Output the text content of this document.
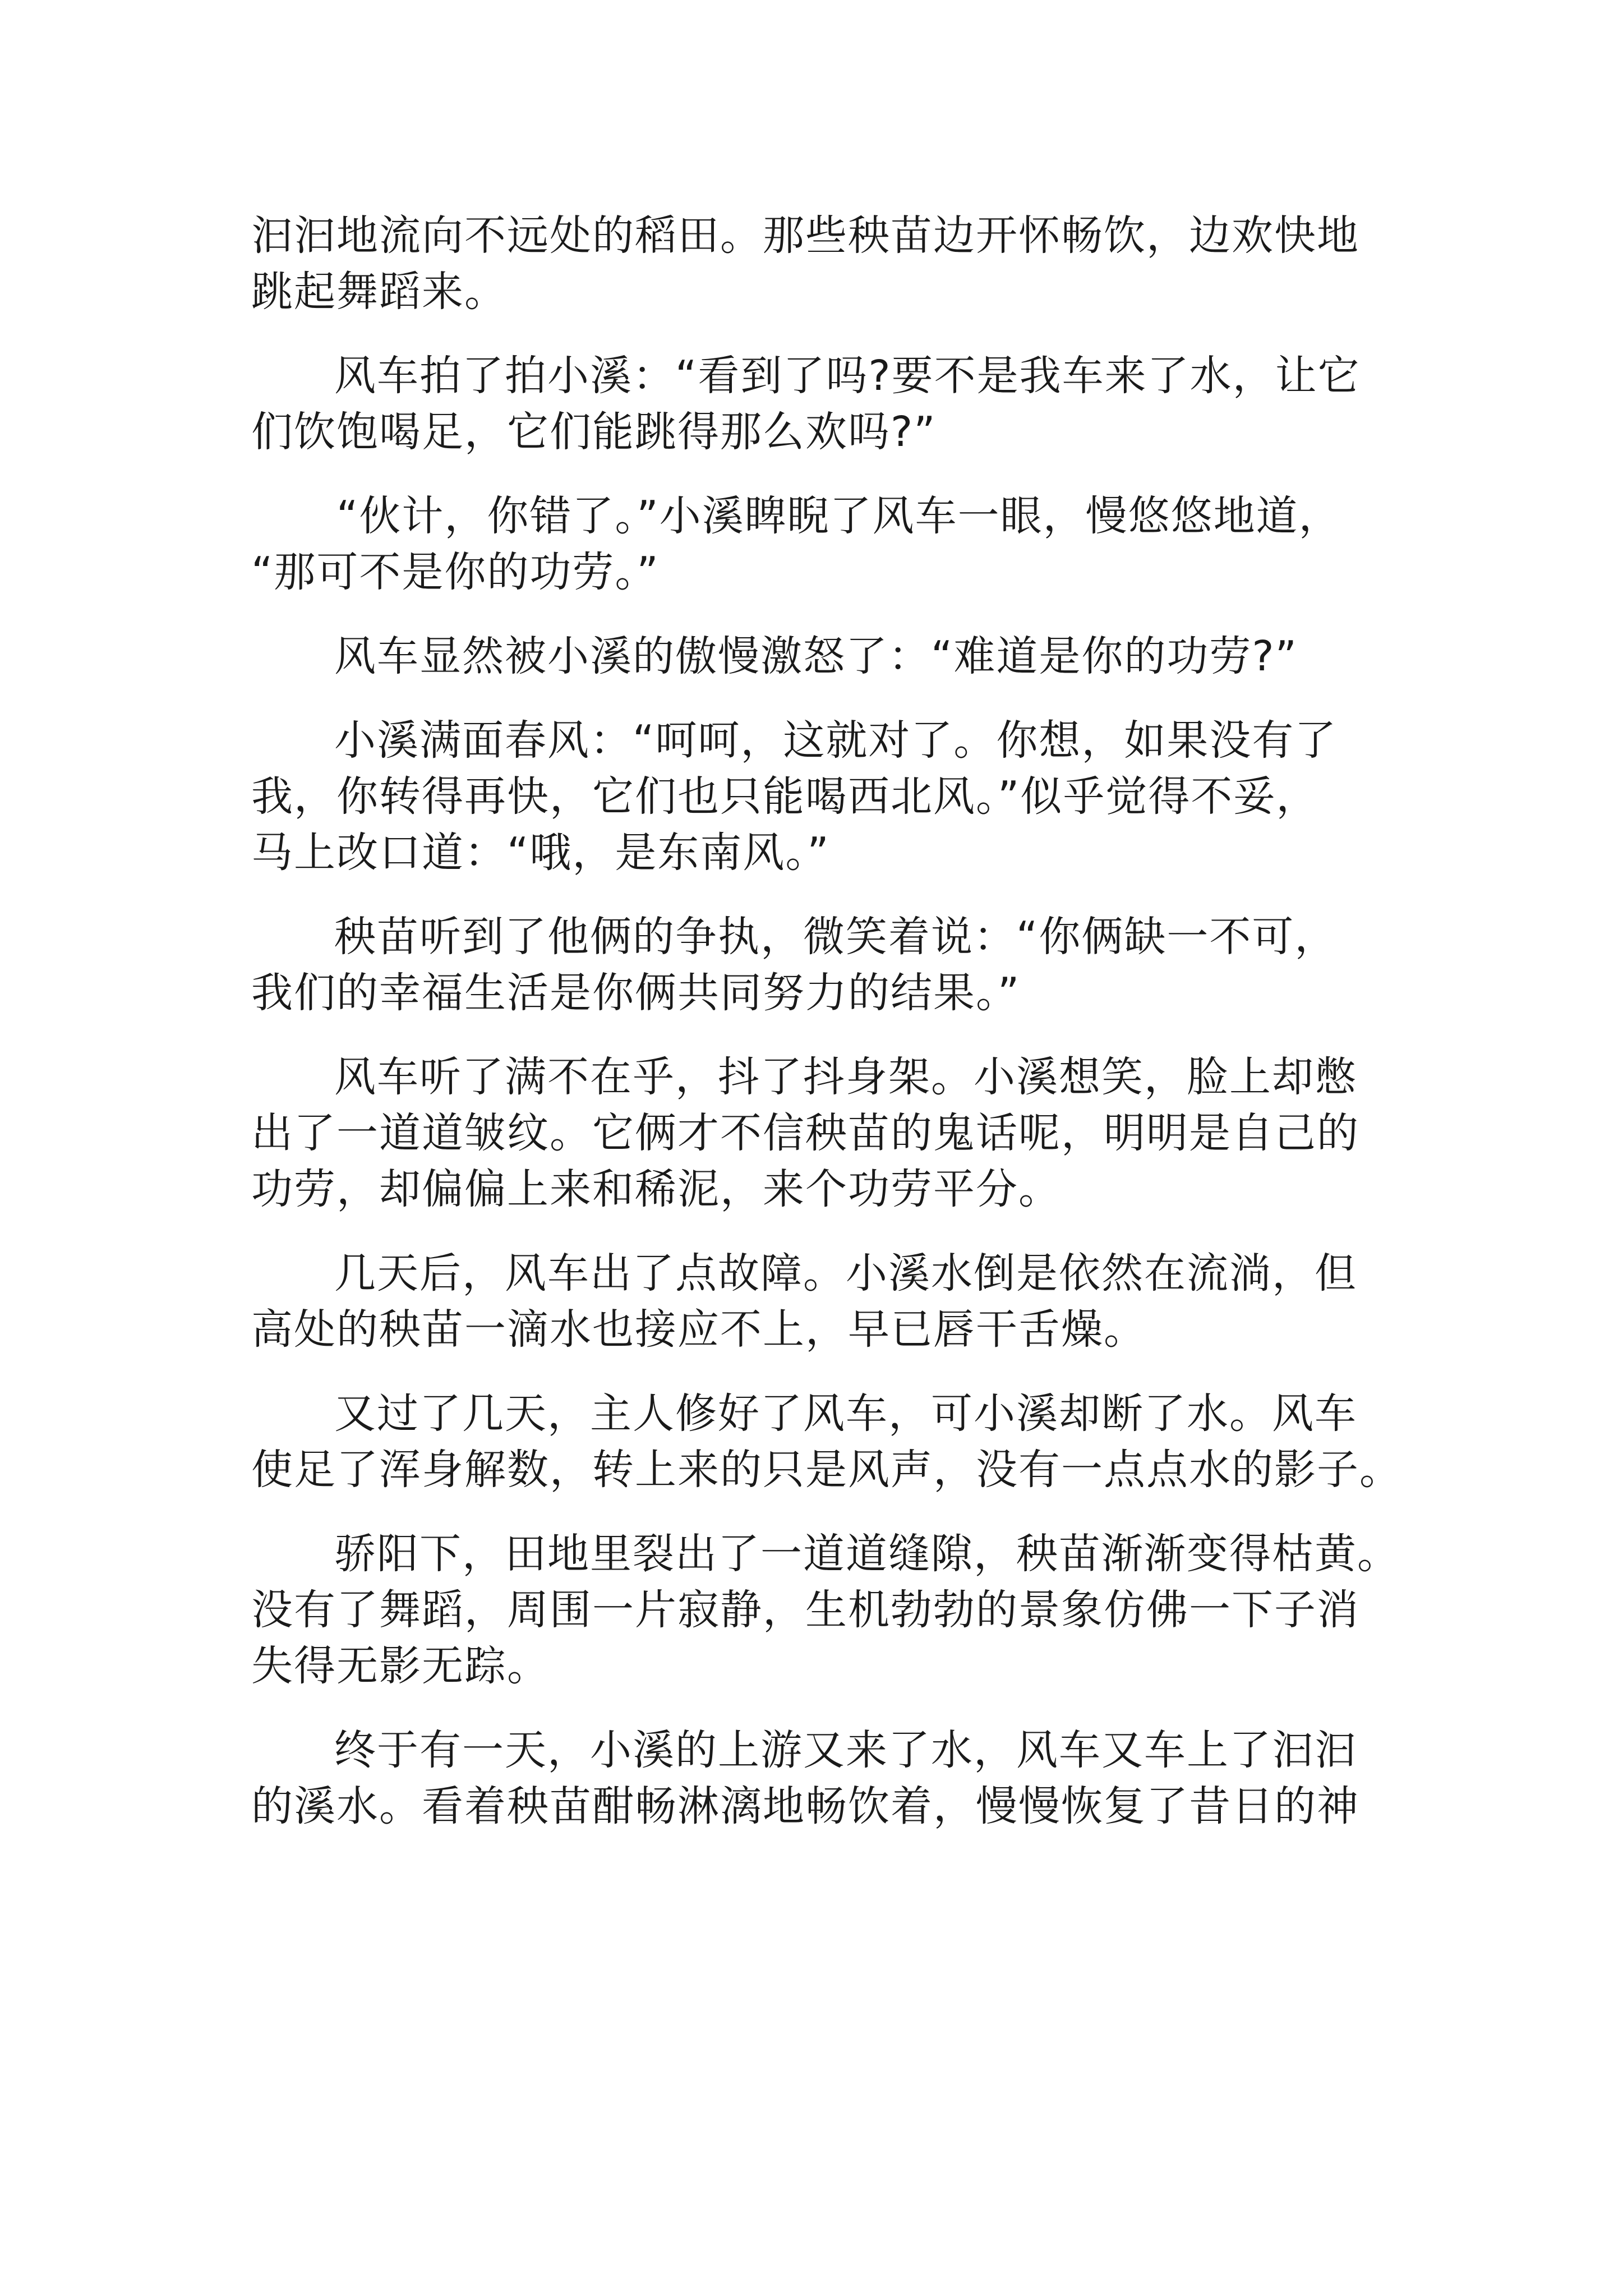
汩汩地流向不远处的稻田。那些秧苗边开怀畅饮，边欢快地

跳起舞蹈来。

风车拍了拍小溪：“看到了吗?要不是我车来了水，让它

们饮饱喝足，它们能跳得那么欢吗?”

“伙计，你错了。”小溪睥睨了风车一眼，慢悠悠地道，

“那可不是你的功劳。”

风车显然被小溪的傲慢激怒了：“难道是你的功劳?”

小溪满面春风：“呵呵，这就对了。你想，如果没有了

我，你转得再快，它们也只能喝西北风。”似乎觉得不妥，

马上改口道：“哦，是东南风。”

秧苗听到了他俩的争执，微笑着说：“你俩缺一不可，

我们的幸福生活是你俩共同努力的结果。”

风车听了满不在乎，抖了抖身架。小溪想笑，脸上却憋

出了一道道皱纹。它俩才不信秧苗的鬼话呢，明明是自己的

功劳，却偏偏上来和稀泥，来个功劳平分。

几天后，风车出了点故障。小溪水倒是依然在流淌，但

高处的秧苗一滴水也接应不上，早已唇干舌燥。

又过了几天，主人修好了风车，可小溪却断了水。风车

使足了浑身解数，转上来的只是风声，没有一点点水的影子。

骄阳下，田地里裂出了一道道缝隙，秧苗渐渐变得枯黄。

没有了舞蹈，周围一片寂静，生机勃勃的景象仿佛一下子消

失得无影无踪。

终于有一天，小溪的上游又来了水，风车又车上了汩汩

的溪水。看着秧苗酣畅淋漓地畅饮着，慢慢恢复了昔日的神
